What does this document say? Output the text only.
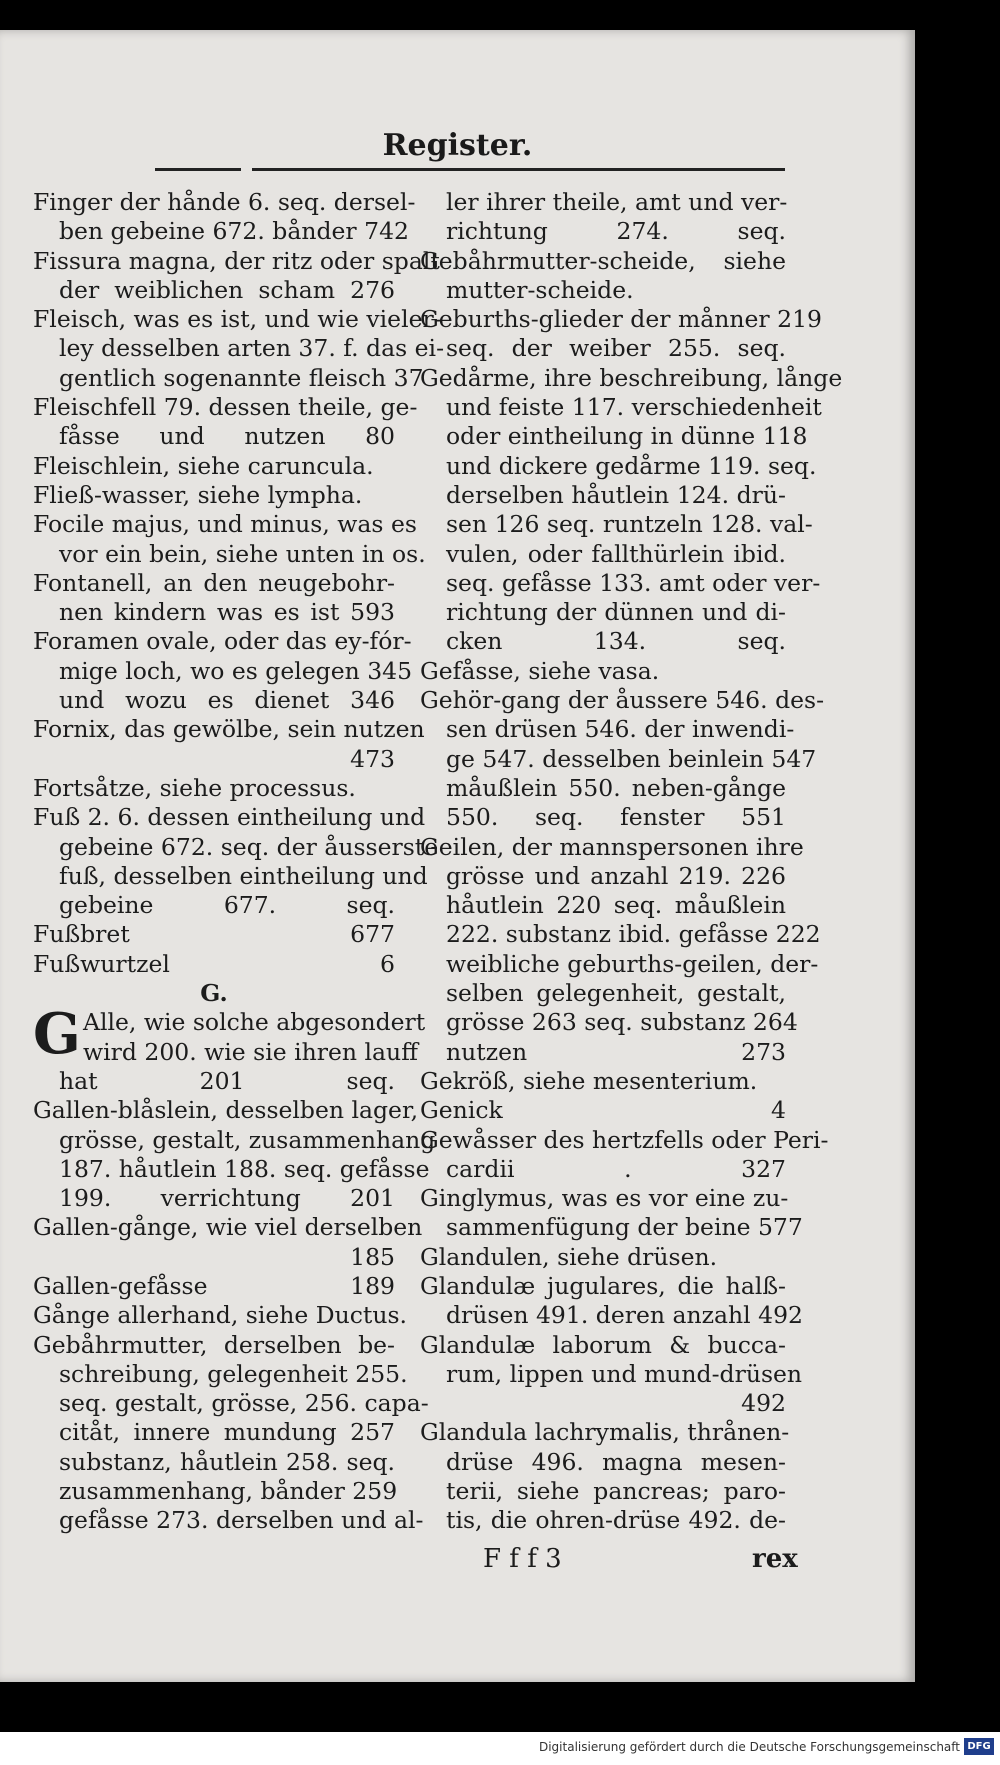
Register.
Finger der hånde 6. seq. dersel-
ben gebeine 672. bånder 742
Fissura magna, der ritz oder spalt
der weiblichen scham 276
Fleisch, was es ist, und wie vieler-
ley desselben arten 37. f. das ei-
gentlich sogenannte fleisch 37
Fleischfell 79. dessen theile, ge-
fåsse und nutzen 80
Fleischlein, siehe caruncula.
Fließ-wasser, siehe lympha.
Focile majus, und minus, was es
vor ein bein, siehe unten in os.
Fontanell, an den neugebohr-
nen kindern was es ist 593
Foramen ovale, oder das ey-fór-
mige loch, wo es gelegen 345
und wozu es dienet 346
Fornix, das gewölbe, sein nutzen
473
Fortsåtze, siehe processus.
Fuß 2. 6. dessen eintheilung und
gebeine 672. seq. der åusserste
fuß, desselben eintheilung und
gebeine 677. seq.
Fußbret 677
Fußwurtzel 6
G.
Alle, wie solche abgesondert
wird 200. wie sie ihren lauff
hat 201 seq.
Gallen-blåslein, desselben lager,
grösse, gestalt, zusammenhang
187. håutlein 188. seq. gefåsse
199. verrichtung 201
Gallen-gånge, wie viel derselben
185
Gallen-gefåsse 189
Gånge allerhand, siehe Ductus.
Gebåhrmutter, derselben be-
schreibung, gelegenheit 255.
seq. gestalt, grösse, 256. capa-
citåt, innere mundung 257
substanz, håutlein 258. seq.
zusammenhang, bånder 259
gefåsse 273. derselben und al-
ler ihrer theile, amt und ver-
richtung 274. seq.
Gebåhrmutter-scheide, siehe
mutter-scheide.
Geburths-glieder der månner 219
seq. der weiber 255. seq.
Gedårme, ihre beschreibung, långe
und feiste 117. verschiedenheit
oder eintheilung in dünne 118
und dickere gedårme 119. seq.
derselben håutlein 124. drü-
sen 126 seq. runtzeln 128. val-
vulen, oder fallthürlein ibid.
seq. gefåsse 133. amt oder ver-
richtung der dünnen und di-
cken 134. seq.
Gefåsse, siehe vasa.
Gehör-gang der åussere 546. des-
sen drüsen 546. der inwendi-
ge 547. desselben beinlein 547
måußlein 550. neben-gånge
550. seq. fenster 551
Geilen, der mannspersonen ihre
grösse und anzahl 219. 226
håutlein 220 seq. måußlein
222. substanz ibid. gefåsse 222
weibliche geburths-geilen, der-
selben gelegenheit, gestalt,
grösse 263 seq. substanz 264
nutzen 273
Gekröß, siehe mesenterium.
Genick 4
Gewåsser des hertzfells oder Peri-
cardii . 327
Ginglymus, was es vor eine zu-
sammenfügung der beine 577
Glandulen, siehe drüsen.
Glandulæ jugulares, die halß-
drüsen 491. deren anzahl 492
Glandulæ laborum & bucca-
rum, lippen und mund-drüsen
492
Glandula lachrymalis, thrånen-
drüse 496. magna mesen-
terii, siehe pancreas; paro-
tis, die ohren-drüse 492. de-
G
F f f 3	rex
Digitalisierung gefördert durch die Deutsche Forschungsgemeinschaft DFG
